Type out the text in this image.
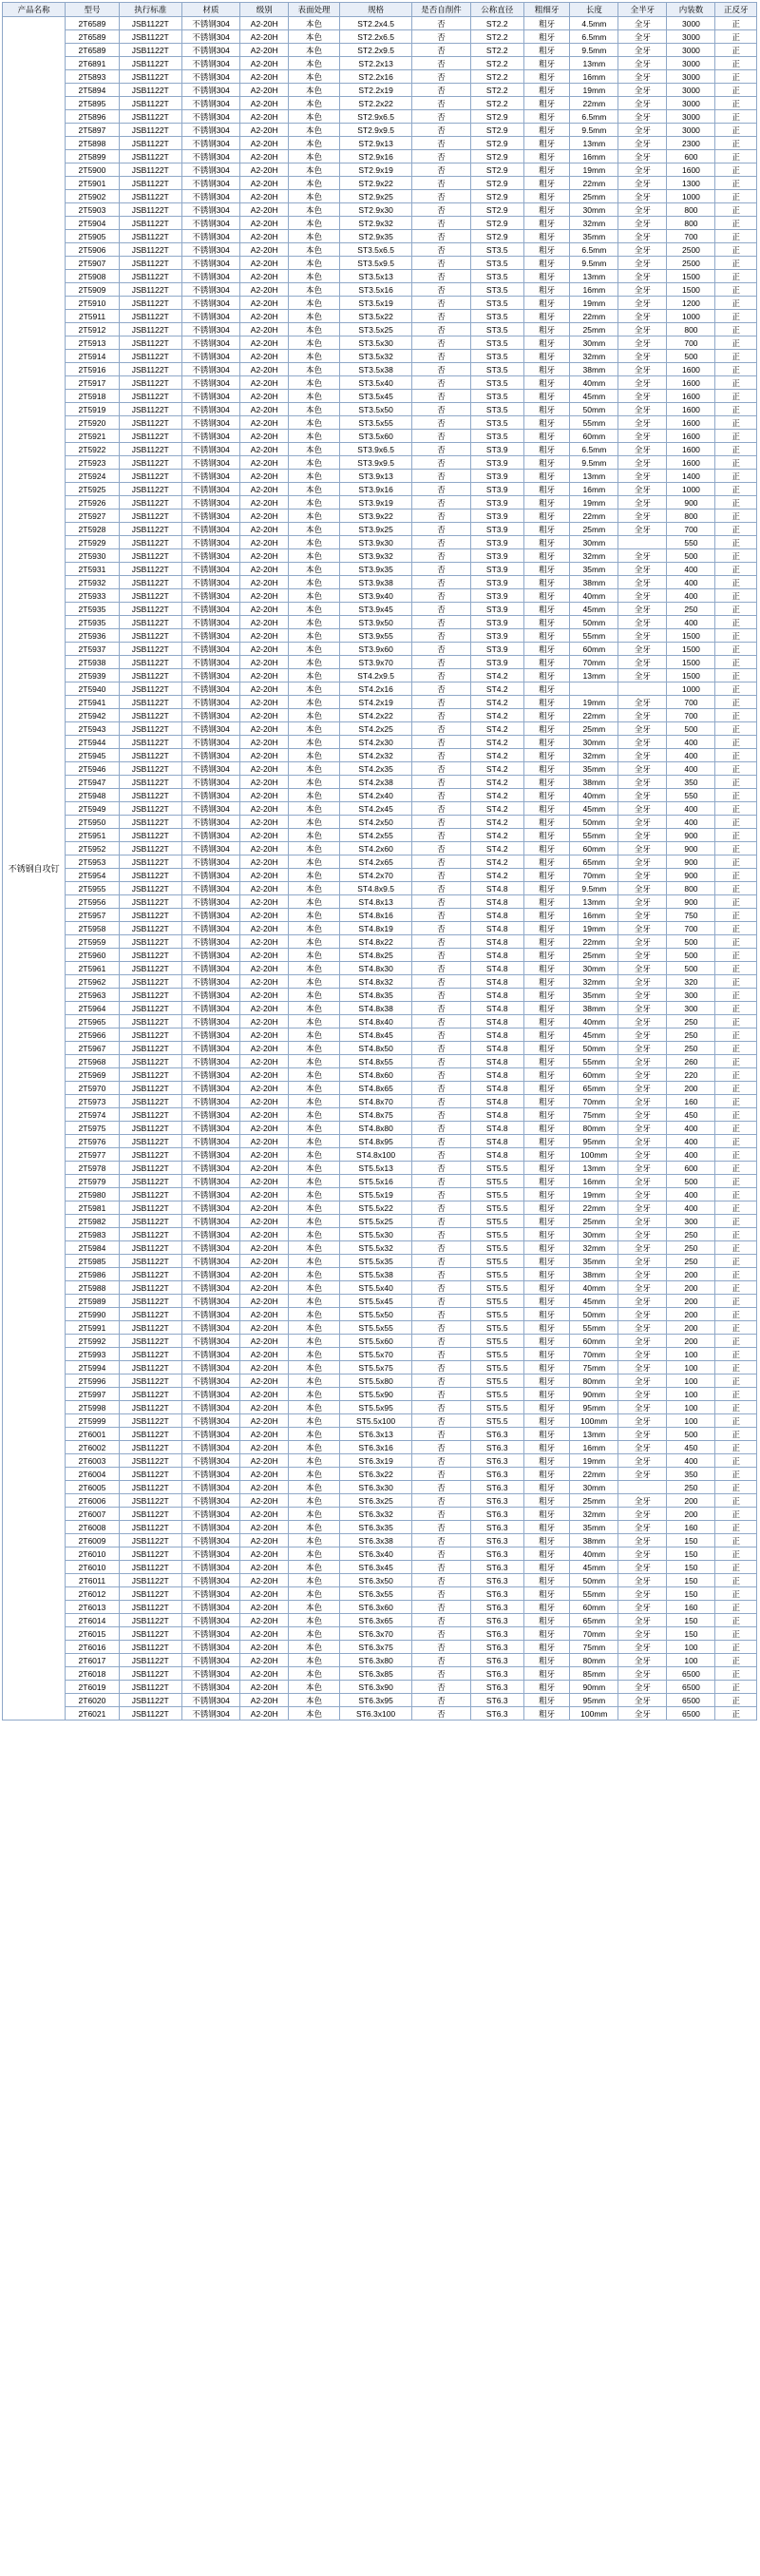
产品名称	型号	执行标准	材质	级别	表面处理	规格	是否自削件	公称直径	粗细牙	长度	全半牙	内装数	正反牙
不锈钢自攻钉	2T6589	JSB1122T	不锈钢304	A2-20H	本色	ST2.2x4.5	否	ST2.2	粗牙	4.5mm	全牙	3000	正
	2T6589	JSB1122T	不锈钢304	A2-20H	本色	ST2.2x6.5	否	ST2.2	粗牙	6.5mm	全牙	3000	正
	2T6589	JSB1122T	不锈钢304	A2-20H	本色	ST2.2x9.5	否	ST2.2	粗牙	9.5mm	全牙	3000	正
	2T6891	JSB1122T	不锈钢304	A2-20H	本色	ST2.2x13	否	ST2.2	粗牙	13mm	全牙	3000	正
	2T5893	JSB1122T	不锈钢304	A2-20H	本色	ST2.2x16	否	ST2.2	粗牙	16mm	全牙	3000	正
	2T5894	JSB1122T	不锈钢304	A2-20H	本色	ST2.2x19	否	ST2.2	粗牙	19mm	全牙	3000	正
	2T5895	JSB1122T	不锈钢304	A2-20H	本色	ST2.2x22	否	ST2.2	粗牙	22mm	全牙	3000	正
	2T5896	JSB1122T	不锈钢304	A2-20H	本色	ST2.9x6.5	否	ST2.9	粗牙	6.5mm	全牙	3000	正
	2T5897	JSB1122T	不锈钢304	A2-20H	本色	ST2.9x9.5	否	ST2.9	粗牙	9.5mm	全牙	3000	正
	2T5898	JSB1122T	不锈钢304	A2-20H	本色	ST2.9x13	否	ST2.9	粗牙	13mm	全牙	2300	正
	2T5899	JSB1122T	不锈钢304	A2-20H	本色	ST2.9x16	否	ST2.9	粗牙	16mm	全牙	600	正
	2T5900	JSB1122T	不锈钢304	A2-20H	本色	ST2.9x19	否	ST2.9	粗牙	19mm	全牙	1600	正
	2T5901	JSB1122T	不锈钢304	A2-20H	本色	ST2.9x22	否	ST2.9	粗牙	22mm	全牙	1300	正
	2T5902	JSB1122T	不锈钢304	A2-20H	本色	ST2.9x25	否	ST2.9	粗牙	25mm	全牙	1000	正
	2T5903	JSB1122T	不锈钢304	A2-20H	本色	ST2.9x30	否	ST2.9	粗牙	30mm	全牙	800	正
	2T5904	JSB1122T	不锈钢304	A2-20H	本色	ST2.9x32	否	ST2.9	粗牙	32mm	全牙	800	正
	2T5905	JSB1122T	不锈钢304	A2-20H	本色	ST2.9x35	否	ST2.9	粗牙	35mm	全牙	700	正
	2T5906	JSB1122T	不锈钢304	A2-20H	本色	ST3.5x6.5	否	ST3.5	粗牙	6.5mm	全牙	2500	正
	2T5907	JSB1122T	不锈钢304	A2-20H	本色	ST3.5x9.5	否	ST3.5	粗牙	9.5mm	全牙	2500	正
	2T5908	JSB1122T	不锈钢304	A2-20H	本色	ST3.5x13	否	ST3.5	粗牙	13mm	全牙	1500	正
	2T5909	JSB1122T	不锈钢304	A2-20H	本色	ST3.5x16	否	ST3.5	粗牙	16mm	全牙	1500	正
	2T5910	JSB1122T	不锈钢304	A2-20H	本色	ST3.5x19	否	ST3.5	粗牙	19mm	全牙	1200	正
	2T5911	JSB1122T	不锈钢304	A2-20H	本色	ST3.5x22	否	ST3.5	粗牙	22mm	全牙	1000	正
	2T5912	JSB1122T	不锈钢304	A2-20H	本色	ST3.5x25	否	ST3.5	粗牙	25mm	全牙	800	正
	2T5913	JSB1122T	不锈钢304	A2-20H	本色	ST3.5x30	否	ST3.5	粗牙	30mm	全牙	700	正
	2T5914	JSB1122T	不锈钢304	A2-20H	本色	ST3.5x32	否	ST3.5	粗牙	32mm	全牙	500	正
	2T5916	JSB1122T	不锈钢304	A2-20H	本色	ST3.5x38	否	ST3.5	粗牙	38mm	全牙	1600	正
	2T5917	JSB1122T	不锈钢304	A2-20H	本色	ST3.5x40	否	ST3.5	粗牙	40mm	全牙	1600	正
	2T5918	JSB1122T	不锈钢304	A2-20H	本色	ST3.5x45	否	ST3.5	粗牙	45mm	全牙	1600	正
	2T5919	JSB1122T	不锈钢304	A2-20H	本色	ST3.5x50	否	ST3.5	粗牙	50mm	全牙	1600	正
	2T5920	JSB1122T	不锈钢304	A2-20H	本色	ST3.5x55	否	ST3.5	粗牙	55mm	全牙	1600	正
	2T5921	JSB1122T	不锈钢304	A2-20H	本色	ST3.5x60	否	ST3.5	粗牙	60mm	全牙	1600	正
	2T5922	JSB1122T	不锈钢304	A2-20H	本色	ST3.9x6.5	否	ST3.9	粗牙	6.5mm	全牙	1600	正
	2T5923	JSB1122T	不锈钢304	A2-20H	本色	ST3.9x9.5	否	ST3.9	粗牙	9.5mm	全牙	1600	正
	2T5924	JSB1122T	不锈钢304	A2-20H	本色	ST3.9x13	否	ST3.9	粗牙	13mm	全牙	1400	正
	2T5925	JSB1122T	不锈钢304	A2-20H	本色	ST3.9x16	否	ST3.9	粗牙	16mm	全牙	1000	正
	2T5926	JSB1122T	不锈钢304	A2-20H	本色	ST3.9x19	否	ST3.9	粗牙	19mm	全牙	900	正
	2T5927	JSB1122T	不锈钢304	A2-20H	本色	ST3.9x22	否	ST3.9	粗牙	22mm	全牙	800	正
	2T5928	JSB1122T	不锈钢304	A2-20H	本色	ST3.9x25	否	ST3.9	粗牙	25mm	全牙	700	正
	2T5929	JSB1122T	不锈钢304	A2-20H	本色	ST3.9x30	否	ST3.9	粗牙	30mm		550	正
	2T5930	JSB1122T	不锈钢304	A2-20H	本色	ST3.9x32	否	ST3.9	粗牙	32mm	全牙	500	正
	2T5931	JSB1122T	不锈钢304	A2-20H	本色	ST3.9x35	否	ST3.9	粗牙	35mm	全牙	400	正
	2T5932	JSB1122T	不锈钢304	A2-20H	本色	ST3.9x38	否	ST3.9	粗牙	38mm	全牙	400	正
	2T5933	JSB1122T	不锈钢304	A2-20H	本色	ST3.9x40	否	ST3.9	粗牙	40mm	全牙	400	正
	2T5935	JSB1122T	不锈钢304	A2-20H	本色	ST3.9x45	否	ST3.9	粗牙	45mm	全牙	250	正
	2T5935	JSB1122T	不锈钢304	A2-20H	本色	ST3.9x50	否	ST3.9	粗牙	50mm	全牙	400	正
	2T5936	JSB1122T	不锈钢304	A2-20H	本色	ST3.9x55	否	ST3.9	粗牙	55mm	全牙	1500	正
	2T5937	JSB1122T	不锈钢304	A2-20H	本色	ST3.9x60	否	ST3.9	粗牙	60mm	全牙	1500	正
	2T5938	JSB1122T	不锈钢304	A2-20H	本色	ST3.9x70	否	ST3.9	粗牙	70mm	全牙	1500	正
	2T5939	JSB1122T	不锈钢304	A2-20H	本色	ST4.2x9.5	否	ST4.2	粗牙	13mm	全牙	1500	正
	2T5940	JSB1122T	不锈钢304	A2-20H	本色	ST4.2x16	否	ST4.2	粗牙			1000	正
	2T5941	JSB1122T	不锈钢304	A2-20H	本色	ST4.2x19	否	ST4.2	粗牙	19mm	全牙	700	正
	2T5942	JSB1122T	不锈钢304	A2-20H	本色	ST4.2x22	否	ST4.2	粗牙	22mm	全牙	700	正
	2T5943	JSB1122T	不锈钢304	A2-20H	本色	ST4.2x25	否	ST4.2	粗牙	25mm	全牙	500	正
	2T5944	JSB1122T	不锈钢304	A2-20H	本色	ST4.2x30	否	ST4.2	粗牙	30mm	全牙	400	正
	2T5945	JSB1122T	不锈钢304	A2-20H	本色	ST4.2x32	否	ST4.2	粗牙	32mm	全牙	400	正
	2T5946	JSB1122T	不锈钢304	A2-20H	本色	ST4.2x35	否	ST4.2	粗牙	35mm	全牙	400	正
	2T5947	JSB1122T	不锈钢304	A2-20H	本色	ST4.2x38	否	ST4.2	粗牙	38mm	全牙	350	正
	2T5948	JSB1122T	不锈钢304	A2-20H	本色	ST4.2x40	否	ST4.2	粗牙	40mm	全牙	550	正
	2T5949	JSB1122T	不锈钢304	A2-20H	本色	ST4.2x45	否	ST4.2	粗牙	45mm	全牙	400	正
	2T5950	JSB1122T	不锈钢304	A2-20H	本色	ST4.2x50	否	ST4.2	粗牙	50mm	全牙	400	正
	2T5951	JSB1122T	不锈钢304	A2-20H	本色	ST4.2x55	否	ST4.2	粗牙	55mm	全牙	900	正
	2T5952	JSB1122T	不锈钢304	A2-20H	本色	ST4.2x60	否	ST4.2	粗牙	60mm	全牙	900	正
	2T5953	JSB1122T	不锈钢304	A2-20H	本色	ST4.2x65	否	ST4.2	粗牙	65mm	全牙	900	正
	2T5954	JSB1122T	不锈钢304	A2-20H	本色	ST4.2x70	否	ST4.2	粗牙	70mm	全牙	900	正
	2T5955	JSB1122T	不锈钢304	A2-20H	本色	ST4.8x9.5	否	ST4.8	粗牙	9.5mm	全牙	800	正
	2T5956	JSB1122T	不锈钢304	A2-20H	本色	ST4.8x13	否	ST4.8	粗牙	13mm	全牙	900	正
	2T5957	JSB1122T	不锈钢304	A2-20H	本色	ST4.8x16	否	ST4.8	粗牙	16mm	全牙	750	正
	2T5958	JSB1122T	不锈钢304	A2-20H	本色	ST4.8x19	否	ST4.8	粗牙	19mm	全牙	700	正
	2T5959	JSB1122T	不锈钢304	A2-20H	本色	ST4.8x22	否	ST4.8	粗牙	22mm	全牙	500	正
	2T5960	JSB1122T	不锈钢304	A2-20H	本色	ST4.8x25	否	ST4.8	粗牙	25mm	全牙	500	正
	2T5961	JSB1122T	不锈钢304	A2-20H	本色	ST4.8x30	否	ST4.8	粗牙	30mm	全牙	500	正
	2T5962	JSB1122T	不锈钢304	A2-20H	本色	ST4.8x32	否	ST4.8	粗牙	32mm	全牙	320	正
	2T5963	JSB1122T	不锈钢304	A2-20H	本色	ST4.8x35	否	ST4.8	粗牙	35mm	全牙	300	正
	2T5964	JSB1122T	不锈钢304	A2-20H	本色	ST4.8x38	否	ST4.8	粗牙	38mm	全牙	300	正
	2T5965	JSB1122T	不锈钢304	A2-20H	本色	ST4.8x40	否	ST4.8	粗牙	40mm	全牙	250	正
	2T5966	JSB1122T	不锈钢304	A2-20H	本色	ST4.8x45	否	ST4.8	粗牙	45mm	全牙	250	正
	2T5967	JSB1122T	不锈钢304	A2-20H	本色	ST4.8x50	否	ST4.8	粗牙	50mm	全牙	250	正
	2T5968	JSB1122T	不锈钢304	A2-20H	本色	ST4.8x55	否	ST4.8	粗牙	55mm	全牙	260	正
	2T5969	JSB1122T	不锈钢304	A2-20H	本色	ST4.8x60	否	ST4.8	粗牙	60mm	全牙	220	正
	2T5970	JSB1122T	不锈钢304	A2-20H	本色	ST4.8x65	否	ST4.8	粗牙	65mm	全牙	200	正
	2T5973	JSB1122T	不锈钢304	A2-20H	本色	ST4.8x70	否	ST4.8	粗牙	70mm	全牙	160	正
	2T5974	JSB1122T	不锈钢304	A2-20H	本色	ST4.8x75	否	ST4.8	粗牙	75mm	全牙	450	正
	2T5975	JSB1122T	不锈钢304	A2-20H	本色	ST4.8x80	否	ST4.8	粗牙	80mm	全牙	400	正
	2T5976	JSB1122T	不锈钢304	A2-20H	本色	ST4.8x95	否	ST4.8	粗牙	95mm	全牙	400	正
	2T5977	JSB1122T	不锈钢304	A2-20H	本色	ST4.8x100	否	ST4.8	粗牙	100mm	全牙	400	正
	2T5978	JSB1122T	不锈钢304	A2-20H	本色	ST5.5x13	否	ST5.5	粗牙	13mm	全牙	600	正
	2T5979	JSB1122T	不锈钢304	A2-20H	本色	ST5.5x16	否	ST5.5	粗牙	16mm	全牙	500	正
	2T5980	JSB1122T	不锈钢304	A2-20H	本色	ST5.5x19	否	ST5.5	粗牙	19mm	全牙	400	正
	2T5981	JSB1122T	不锈钢304	A2-20H	本色	ST5.5x22	否	ST5.5	粗牙	22mm	全牙	400	正
	2T5982	JSB1122T	不锈钢304	A2-20H	本色	ST5.5x25	否	ST5.5	粗牙	25mm	全牙	300	正
	2T5983	JSB1122T	不锈钢304	A2-20H	本色	ST5.5x30	否	ST5.5	粗牙	30mm	全牙	250	正
	2T5984	JSB1122T	不锈钢304	A2-20H	本色	ST5.5x32	否	ST5.5	粗牙	32mm	全牙	250	正
	2T5985	JSB1122T	不锈钢304	A2-20H	本色	ST5.5x35	否	ST5.5	粗牙	35mm	全牙	250	正
	2T5986	JSB1122T	不锈钢304	A2-20H	本色	ST5.5x38	否	ST5.5	粗牙	38mm	全牙	200	正
	2T5988	JSB1122T	不锈钢304	A2-20H	本色	ST5.5x40	否	ST5.5	粗牙	40mm	全牙	200	正
	2T5989	JSB1122T	不锈钢304	A2-20H	本色	ST5.5x45	否	ST5.5	粗牙	45mm	全牙	200	正
	2T5990	JSB1122T	不锈钢304	A2-20H	本色	ST5.5x50	否	ST5.5	粗牙	50mm	全牙	200	正
	2T5991	JSB1122T	不锈钢304	A2-20H	本色	ST5.5x55	否	ST5.5	粗牙	55mm	全牙	200	正
	2T5992	JSB1122T	不锈钢304	A2-20H	本色	ST5.5x60	否	ST5.5	粗牙	60mm	全牙	200	正
	2T5993	JSB1122T	不锈钢304	A2-20H	本色	ST5.5x70	否	ST5.5	粗牙	70mm	全牙	100	正
	2T5994	JSB1122T	不锈钢304	A2-20H	本色	ST5.5x75	否	ST5.5	粗牙	75mm	全牙	100	正
	2T5996	JSB1122T	不锈钢304	A2-20H	本色	ST5.5x80	否	ST5.5	粗牙	80mm	全牙	100	正
	2T5997	JSB1122T	不锈钢304	A2-20H	本色	ST5.5x90	否	ST5.5	粗牙	90mm	全牙	100	正
	2T5998	JSB1122T	不锈钢304	A2-20H	本色	ST5.5x95	否	ST5.5	粗牙	95mm	全牙	100	正
	2T5999	JSB1122T	不锈钢304	A2-20H	本色	ST5.5x100	否	ST5.5	粗牙	100mm	全牙	100	正
	2T6001	JSB1122T	不锈钢304	A2-20H	本色	ST6.3x13	否	ST6.3	粗牙	13mm	全牙	500	正
	2T6002	JSB1122T	不锈钢304	A2-20H	本色	ST6.3x16	否	ST6.3	粗牙	16mm	全牙	450	正
	2T6003	JSB1122T	不锈钢304	A2-20H	本色	ST6.3x19	否	ST6.3	粗牙	19mm	全牙	400	正
	2T6004	JSB1122T	不锈钢304	A2-20H	本色	ST6.3x22	否	ST6.3	粗牙	22mm	全牙	350	正
	2T6005	JSB1122T	不锈钢304	A2-20H	本色	ST6.3x30	否	ST6.3	粗牙	30mm		250	正
	2T6006	JSB1122T	不锈钢304	A2-20H	本色	ST6.3x25	否	ST6.3	粗牙	25mm	全牙	200	正
	2T6007	JSB1122T	不锈钢304	A2-20H	本色	ST6.3x32	否	ST6.3	粗牙	32mm	全牙	200	正
	2T6008	JSB1122T	不锈钢304	A2-20H	本色	ST6.3x35	否	ST6.3	粗牙	35mm	全牙	160	正
	2T6009	JSB1122T	不锈钢304	A2-20H	本色	ST6.3x38	否	ST6.3	粗牙	38mm	全牙	150	正
	2T6010	JSB1122T	不锈钢304	A2-20H	本色	ST6.3x40	否	ST6.3	粗牙	40mm	全牙	150	正
	2T6010	JSB1122T	不锈钢304	A2-20H	本色	ST6.3x45	否	ST6.3	粗牙	45mm	全牙	150	正
	2T6011	JSB1122T	不锈钢304	A2-20H	本色	ST6.3x50	否	ST6.3	粗牙	50mm	全牙	150	正
	2T6012	JSB1122T	不锈钢304	A2-20H	本色	ST6.3x55	否	ST6.3	粗牙	55mm	全牙	150	正
	2T6013	JSB1122T	不锈钢304	A2-20H	本色	ST6.3x60	否	ST6.3	粗牙	60mm	全牙	160	正
	2T6014	JSB1122T	不锈钢304	A2-20H	本色	ST6.3x65	否	ST6.3	粗牙	65mm	全牙	150	正
	2T6015	JSB1122T	不锈钢304	A2-20H	本色	ST6.3x70	否	ST6.3	粗牙	70mm	全牙	150	正
	2T6016	JSB1122T	不锈钢304	A2-20H	本色	ST6.3x75	否	ST6.3	粗牙	75mm	全牙	100	正
	2T6017	JSB1122T	不锈钢304	A2-20H	本色	ST6.3x80	否	ST6.3	粗牙	80mm	全牙	100	正
	2T6018	JSB1122T	不锈钢304	A2-20H	本色	ST6.3x85	否	ST6.3	粗牙	85mm	全牙	6500	正
	2T6019	JSB1122T	不锈钢304	A2-20H	本色	ST6.3x90	否	ST6.3	粗牙	90mm	全牙	6500	正
	2T6020	JSB1122T	不锈钢304	A2-20H	本色	ST6.3x95	否	ST6.3	粗牙	95mm	全牙	6500	正
	2T6021	JSB1122T	不锈钢304	A2-20H	本色	ST6.3x100	否	ST6.3	粗牙	100mm	全牙	6500	正
